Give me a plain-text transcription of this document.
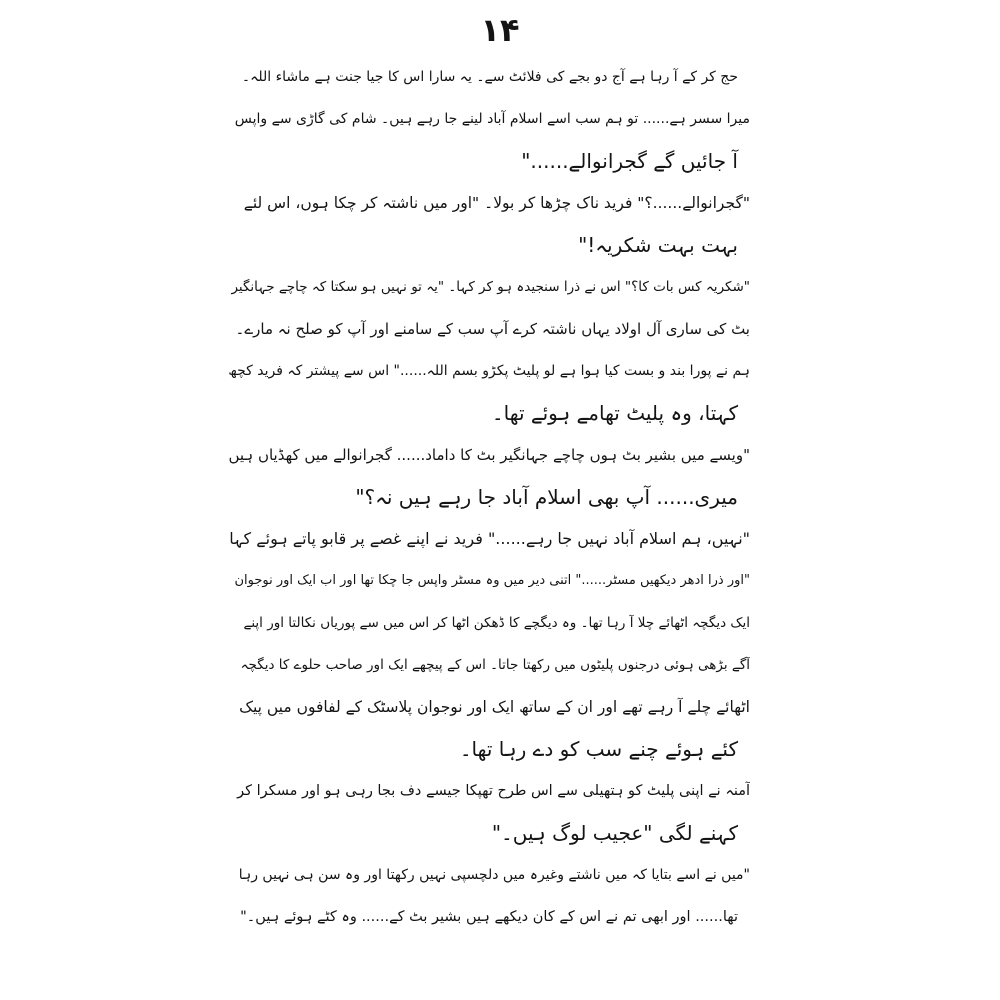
۱۴
حج کر کے آ رہا ہے آج دو بجے کی فلائٹ سے۔ یہ سارا اس کا جیا جنت ہے ماشاء اللہ۔
میرا سسر ہے...... تو ہم سب اسے اسلام آباد لینے جا رہے ہیں۔ شام کی گاڑی سے واپس
آ جائیں گے گجرانوالے......"
"گجرانوالے......؟" فرید ناک چڑھا کر بولا۔ "اور میں ناشتہ کر چکا ہوں، اس لئے
بہت بہت شکریہ!"
"شکریہ کس بات کا؟" اس نے ذرا سنجیدہ ہو کر کہا۔ "یہ تو نہیں ہو سکتا کہ چاچے جہانگیر
بٹ کی ساری آل اولاد یہاں ناشتہ کرے آپ سب کے سامنے اور آپ کو صلح نہ مارے۔
ہم نے پورا بند و بست کیا ہوا ہے لو پلیٹ پکڑو بسم اللہ......" اس سے پیشتر کہ فرید کچھ
کہتا، وہ پلیٹ تھامے ہوئے تھا۔
"ویسے میں بشیر بٹ ہوں چاچے جہانگیر بٹ کا داماد...... گجرانوالے میں کھڈیاں ہیں
میری...... آپ بھی اسلام آباد جا رہے ہیں نہ؟"
"نہیں، ہم اسلام آباد نہیں جا رہے......" فرید نے اپنے غصے پر قابو پاتے ہوئے کہا
"اور ذرا ادھر دیکھیں مسٹر......" اتنی دیر میں وہ مسٹر واپس جا چکا تھا اور اب ایک اور نوجوان
ایک دیگچہ اٹھائے چلا آ رہا تھا۔ وہ دیگچے کا ڈھکن اٹھا کر اس میں سے پوریاں نکالتا اور اپنے
آگے بڑھی ہوئی درجنوں پلیٹوں میں رکھتا جاتا۔ اس کے پیچھے ایک اور صاحب حلوے کا دیگچہ
اٹھائے چلے آ رہے تھے اور ان کے ساتھ ایک اور نوجوان پلاسٹک کے لفافوں میں پیک
کئے ہوئے چنے سب کو دے رہا تھا۔
آمنہ نے اپنی پلیٹ کو ہتھیلی سے اس طرح تھپکا جیسے دف بجا رہی ہو اور مسکرا کر
کہنے لگی "عجیب لوگ ہیں۔"
"میں نے اسے بتایا کہ میں ناشتے وغیرہ میں دلچسپی نہیں رکھتا اور وہ سن ہی نہیں رہا
تھا...... اور ابھی تم نے اس کے کان دیکھے ہیں بشیر بٹ کے...... وہ کٹے ہوئے ہیں۔"
